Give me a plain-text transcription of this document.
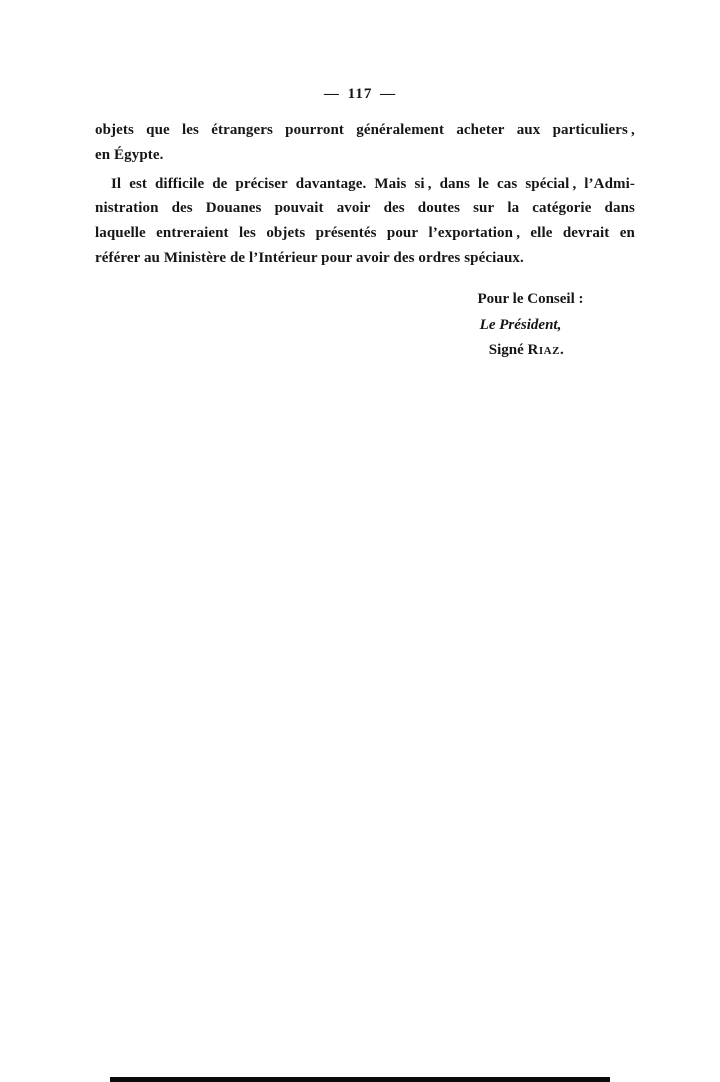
— 117 —
objets que les étrangers pourront généralement acheter aux particuliers ,
en Égypte.
Il est difficile de préciser davantage. Mais si , dans le cas spécial , l’Admi-
nistration des Douanes pouvait avoir des doutes sur la catégorie dans
laquelle entreraient les objets présentés pour l’exportation , elle devrait en
référer au Ministère de l’Intérieur pour avoir des ordres spéciaux.
Pour le Conseil :
Le Président,
Signé Riaz.
